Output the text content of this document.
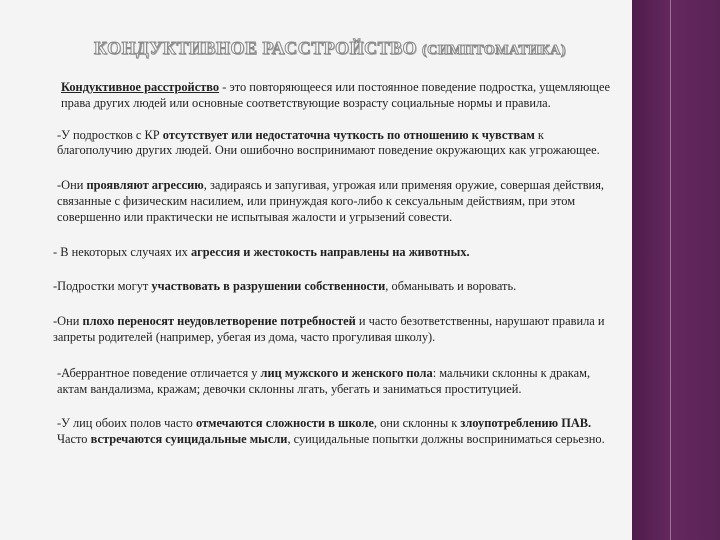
КОНДУКТИВНОЕ РАССТРОЙСТВО (СИМПТОМАТИКА)

Кондуктивное расстройство - это повторяющееся или постоянное поведение подростка, ущемляющее права других людей или основные соответствующие возрасту социальные нормы и правила.

-У подростков с КР отсутствует или недостаточна чуткость по отношению к чувствам к благополучию других людей. Они ошибочно воспринимают поведение окружающих как угрожающее.

-Они проявляют агрессию, задираясь и запугивая, угрожая или применяя оружие, совершая действия, связанные с физическим насилием, или принуждая кого-либо к сексуальным действиям, при этом совершенно или практически не испытывая жалости и угрызений совести.

- В некоторых случаях их агрессия и жестокость направлены на животных.

-Подростки могут участвовать в разрушении собственности, обманывать и воровать.

-Они плохо переносят неудовлетворение потребностей и часто безответственны, нарушают правила и запреты родителей (например, убегая из дома, часто прогуливая школу).

-Аберрантное поведение отличается у лиц мужского и женского пола: мальчики склонны к дракам, актам вандализма, кражам; девочки склонны лгать, убегать и заниматься проституцией.

-У лиц обоих полов часто отмечаются сложности в школе, они склонны к злоупотреблению ПАВ. Часто встречаются суицидальные мысли, суицидальные попытки должны восприниматься серьезно.
